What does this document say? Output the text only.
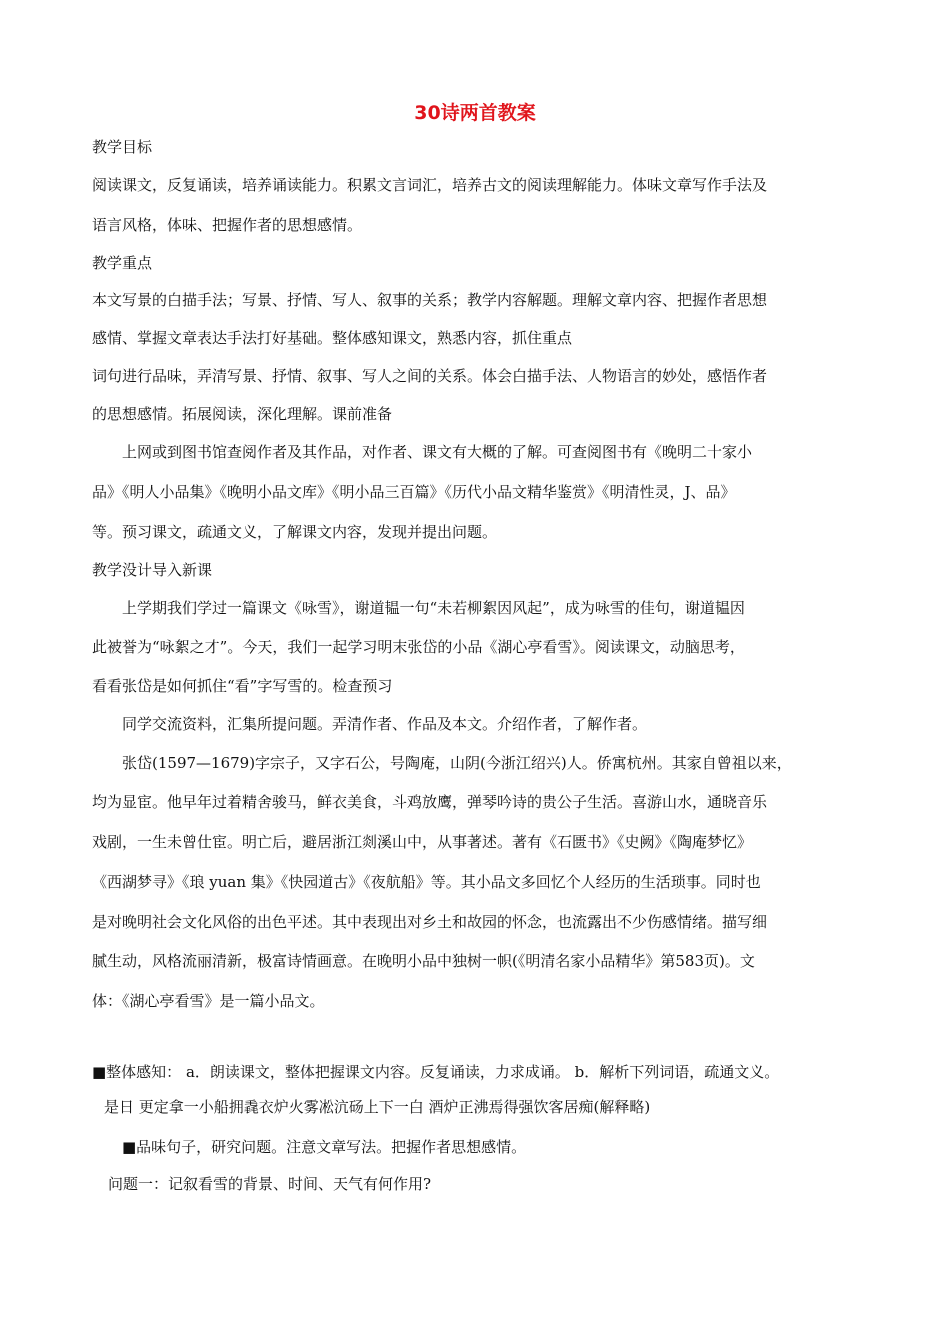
30诗两首教案
教学目标
阅读课文，反复诵读，培养诵读能力。积累文言词汇，培养古文的阅读理解能力。体味文章写作手法及
语言风格，体味、把握作者的思想感情。
教学重点
本文写景的白描手法；写景、抒情、写人、叙事的关系；教学内容解题。理解文章内容、把握作者思想
感情、掌握文章表达手法打好基础。整体感知课文，熟悉内容，抓住重点
词句进行品味，弄清写景、抒情、叙事、写人之间的关系。体会白描手法、人物语言的妙处，感悟作者
的思想感情。拓展阅读，深化理解。课前准备
上网或到图书馆查阅作者及其作品，对作者、课文有大概的了解。可查阅图书有《晚明二十家小
品》《明人小品集》《晚明小品文库》《明小品三百篇》《历代小品文精华鉴赏》《明清性灵，J、品》
等。预习课文，疏通文义，了解课文内容，发现并提出问题。
教学没计导入新课
上学期我们学过一篇课文《咏雪》，谢道韫一句“未若柳絮因风起”，成为咏雪的佳句，谢道韫因
此被誉为“咏絮之才”。今天，我们一起学习明末张岱的小品《湖心亭看雪》。阅读课文，动脑思考，
看看张岱是如何抓住“看”字写雪的。检查预习
同学交流资料，汇集所提问题。弄清作者、作品及本文。介绍作者，了解作者。
张岱(1597—1679)字宗子，又字石公，号陶庵，山阴(今浙江绍兴)人。侨寓杭州。其家自曾祖以来，
均为显宦。他早年过着精舍骏马，鲜衣美食，斗鸡放鹰，弹琴吟诗的贵公子生活。喜游山水，通晓音乐
戏剧，一生未曾仕宦。明亡后，避居浙江剡溪山中，从事著述。著有《石匮书》《史阙》《陶庵梦忆》
《西湖梦寻》《琅 yuan 集》《快园道古》《夜航船》等。其小品文多回忆个人经历的生活琐事。同时也
是对晚明社会文化风俗的出色平述。其中表现出对乡土和故园的怀念，也流露出不少伤感情绪。描写细
腻生动，风格流丽清新，极富诗情画意。在晚明小品中独树一帜(《明清名家小品精华》第583页)。文
体：《湖心亭看雪》是一篇小品文。
■整体感知： a．朗读课文，整体把握课文内容。反复诵读，力求成诵。 b．解析下列词语，疏通文义。
是日 更定拿一小船拥毳衣炉火雾凇沆砀上下一白 酒炉正沸焉得强饮客居痴(解释略)
■品味句子，研究问题。注意文章写法。把握作者思想感情。
问题一：记叙看雪的背景、时间、天气有何作用?
